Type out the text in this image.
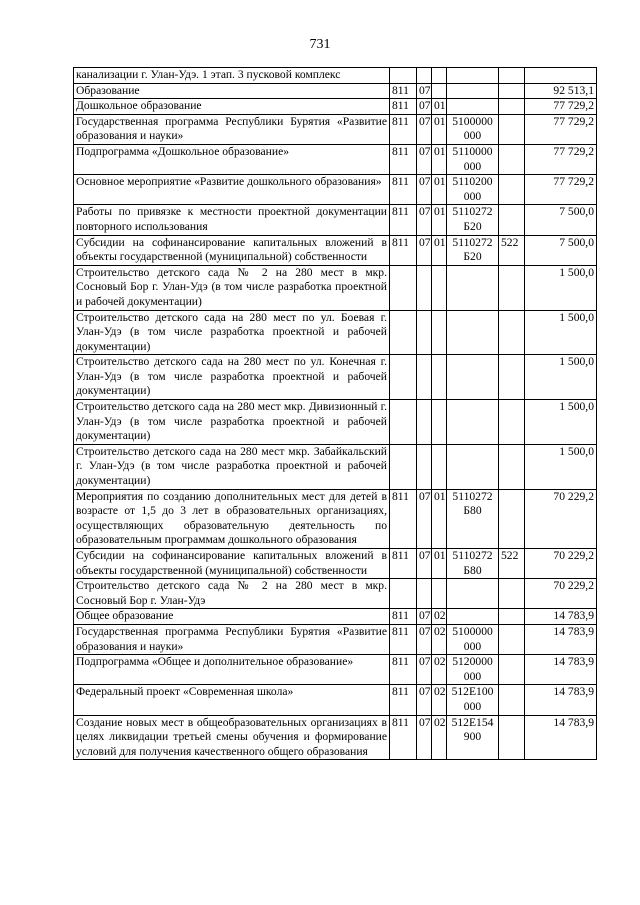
731
канализации г. Улан-Удэ. 1 этап. 3 пусковой комплекс						
Образование	811	07				92 513,1
Дошкольное образование	811	07	01			77 729,2
Государственная программа Республики Бурятия «Развитие образования и науки»	811	07	01	5100000 000		77 729,2
Подпрограмма «Дошкольное образование»	811	07	01	5110000 000		77 729,2
Основное мероприятие «Развитие дошкольного образования»	811	07	01	5110200 000		77 729,2
Работы по привязке к местности проектной документации повторного использования	811	07	01	5110272 Б20		7 500,0
Субсидии на софинансирование капитальных вложений в объекты государственной (муниципальной) собственности	811	07	01	5110272 Б20	522	7 500,0
Строительство детского сада № 2 на 280 мест в мкр. Сосновый Бор г. Улан-Удэ (в том числе разработка проектной и рабочей документации)						1 500,0
Строительство детского сада на 280 мест по ул. Боевая г. Улан-Удэ (в том числе разработка проектной и рабочей документации)						1 500,0
Строительство детского сада на 280 мест по ул. Конечная г. Улан-Удэ (в том числе разработка проектной и рабочей документации)						1 500,0
Строительство детского сада на 280 мест мкр. Дивизионный г. Улан-Удэ (в том числе разработка проектной и рабочей документации)						1 500,0
Строительство детского сада на 280 мест мкр. Забайкальский г. Улан-Удэ (в том числе разработка проектной и рабочей документации)						1 500,0
Мероприятия по созданию дополнительных мест для детей в возрасте от 1,5 до 3 лет в образовательных организациях, осуществляющих образовательную деятельность по образовательным программам дошкольного образования	811	07	01	5110272 Б80		70 229,2
Субсидии на софинансирование капитальных вложений в объекты государственной (муниципальной) собственности	811	07	01	5110272 Б80	522	70 229,2
Строительство детского сада № 2 на 280 мест в мкр. Сосновый Бор г. Улан-Удэ						70 229,2
Общее образование	811	07	02			14 783,9
Государственная программа Республики Бурятия «Развитие образования и науки»	811	07	02	5100000 000		14 783,9
Подпрограмма «Общее и дополнительное образование»	811	07	02	5120000 000		14 783,9
Федеральный проект «Современная школа»	811	07	02	512E100 000		14 783,9
Создание новых мест в общеобразовательных организациях в целях ликвидации третьей смены обучения и формирование условий для получения качественного общего образования	811	07	02	512E154 900		14 783,9
